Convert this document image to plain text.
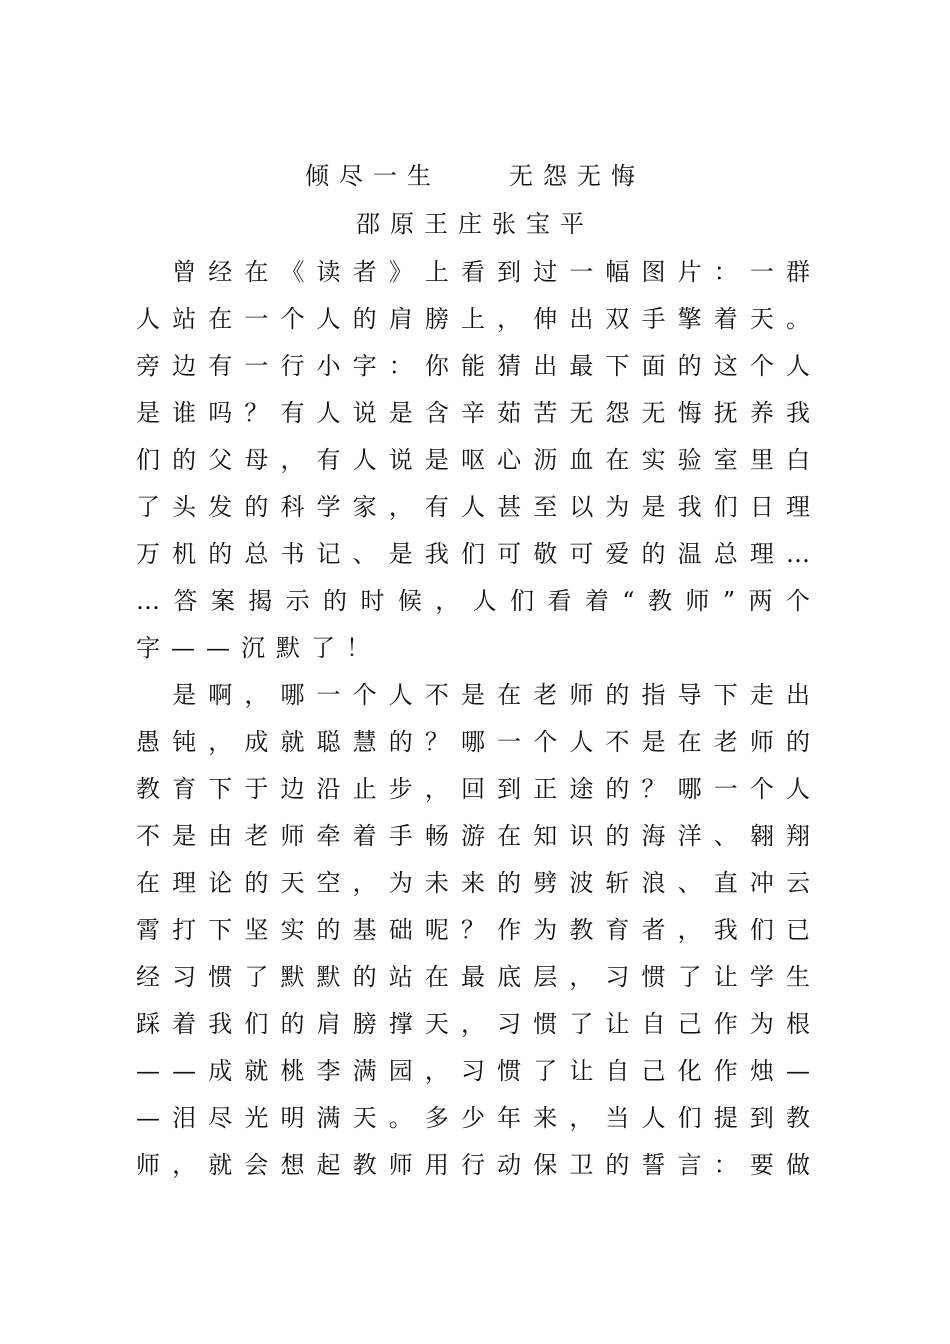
倾尽一生　　无怨无悔
邵原王庄张宝平

曾 经 在 《 读 者 》 上 看 到 过 一 幅 图 片 ： 一 群
人 站 在 一 个 人 的 肩 膀 上 ， 伸 出 双 手 擎 着 天 。
旁 边 有 一 行 小 字 ： 你 能 猜 出 最 下 面 的 这 个 人
是 谁 吗 ？ 有 人 说 是 含 辛 茹 苦 无 怨 无 悔 抚 养 我
们 的 父 母 ， 有 人 说 是 呕 心 沥 血 在 实 验 室 里 白
了 头 发 的 科 学 家 ， 有 人 甚 至 以 为 是 我 们 日 理
万 机 的 总 书 记 、 是 我 们 可 敬 可 爱 的 温 总 理 …
… 答 案 揭 示 的 时 候 ， 人 们 看 着 “ 教 师 ” 两 个
字 — — 沉 默 了 ！

是 啊 ， 哪 一 个 人 不 是 在 老 师 的 指 导 下 走 出
愚 钝 ， 成 就 聪 慧 的 ？ 哪 一 个 人 不 是 在 老 师 的
教 育 下 于 边 沿 止 步 ， 回 到 正 途 的 ？ 哪 一 个 人
不 是 由 老 师 牵 着 手 畅 游 在 知 识 的 海 洋 、 翱 翔
在 理 论 的 天 空 ， 为 未 来 的 劈 波 斩 浪 、 直 冲 云
霄 打 下 坚 实 的 基 础 呢 ？ 作 为 教 育 者 ， 我 们 已
经 习 惯 了 默 默 的 站 在 最 底 层 ， 习 惯 了 让 学 生
踩 着 我 们 的 肩 膀 撑 天 ， 习 惯 了 让 自 己 作 为 根
— — 成 就 桃 李 满 园 ， 习 惯 了 让 自 己 化 作 烛 —
— 泪 尽 光 明 满 天 。 多 少 年 来 ， 当 人 们 提 到 教
师 ， 就 会 想 起 教 师 用 行 动 保 卫 的 誓 言 ： 要 做
